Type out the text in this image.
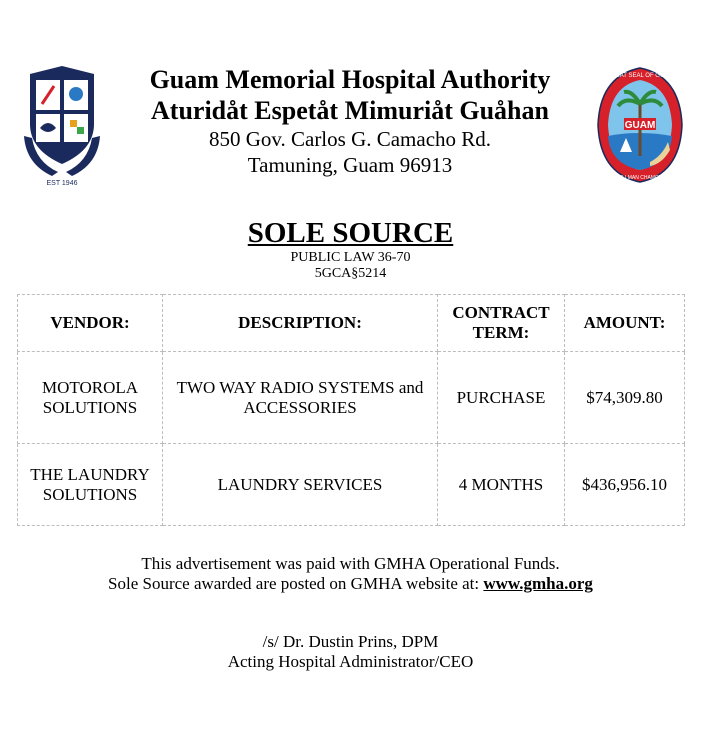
EST 1946
Guam Memorial Hospital Authority
Aturidåt Espetåt Mimuriåt Guåhan
850 Gov. Carlos G. Camacho Rd.
Tamuning, Guam 96913
GUAM
GREAT SEAL OF GUAM
TANO I MAN CHAMORRO
SOLE SOURCE
PUBLIC LAW 36-70
5GCA§5214
VENDOR:	DESCRIPTION:	CONTRACT TERM:	AMOUNT:
MOTOROLA SOLUTIONS	TWO WAY RADIO SYSTEMS and ACCESSORIES	PURCHASE	$74,309.80
THE LAUNDRY SOLUTIONS	LAUNDRY SERVICES	4 MONTHS	$436,956.10
This advertisement was paid with GMHA Operational Funds.
Sole Source awarded are posted on GMHA website at: www.gmha.org
/s/ Dr. Dustin Prins, DPM
Acting Hospital Administrator/CEO
